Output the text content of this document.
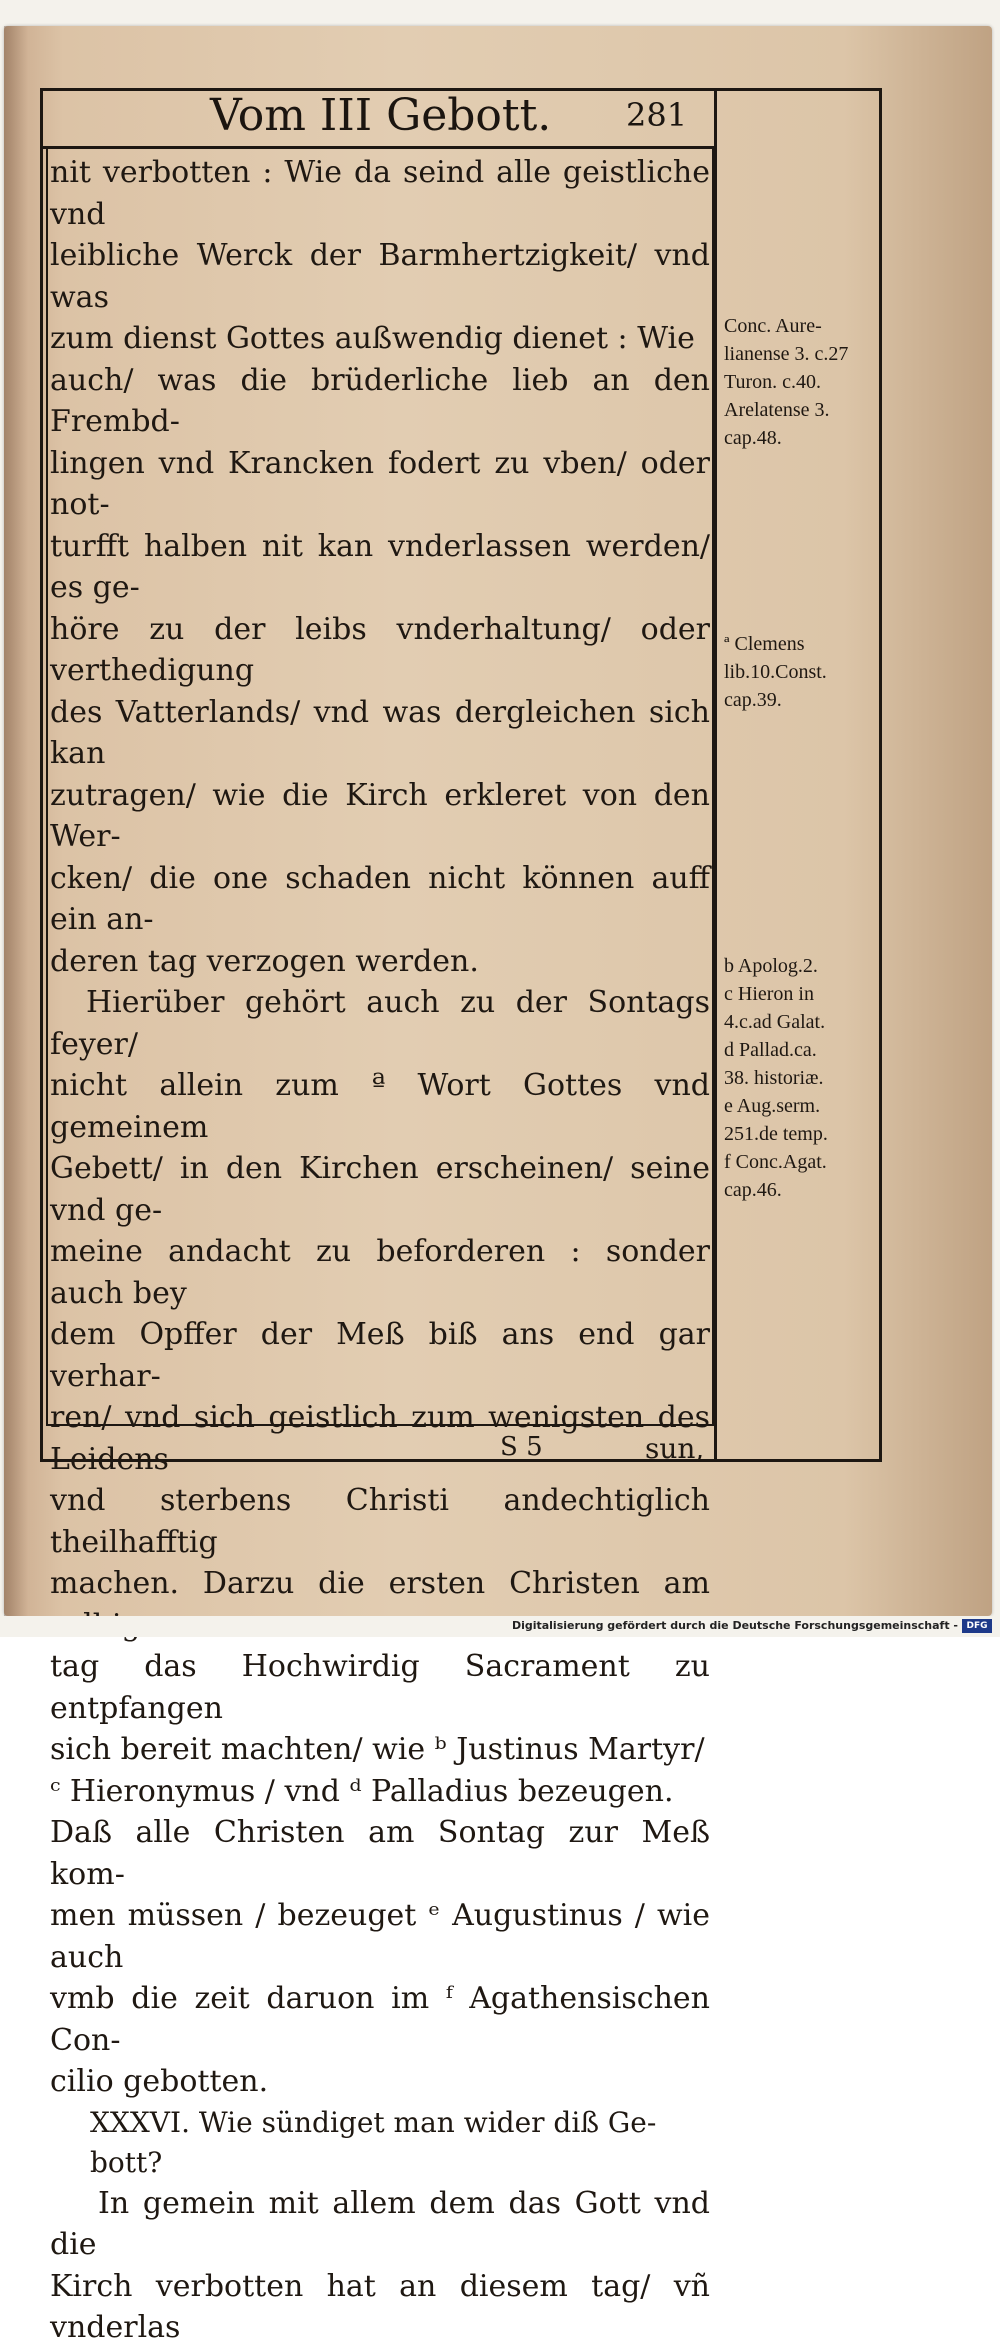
Vom III Gebott. 281

nit verbotten : Wie da seind alle geistliche vnd
leibliche Werck der Barmhertzigkeit/ vnd was
zum dienst Gottes außwendig dienet : Wie
auch/ was die brüderliche lieb an den Frembd-
lingen vnd Krancken fodert zu vben/ oder not-
turfft halben nit kan vnderlassen werden/ es ge-
höre zu der leibs vnderhaltung/ oder verthedigung
des Vatterlands/ vnd was dergleichen sich kan
zutragen/ wie die Kirch erkleret von den Wer-
cken/ die one schaden nicht können auff ein an-
deren tag verzogen werden.

Hierüber gehört auch zu der Sontags feyer/
nicht allein zum ª Wort Gottes vnd gemeinem
Gebett/ in den Kirchen erscheinen/ seine vnd ge-
meine andacht zu beforderen : sonder auch bey
dem Opffer der Meß biß ans end gar verhar-
ren/ vnd sich geistlich zum wenigsten des Leidens
vnd sterbens Christi andechtiglich theilhafftig
machen. Darzu die ersten Christen am
tag das Hochwirdig Sacrament zu entpfangen
sich bereit machten/ wie ᵇ Justinus Martyr/
ᶜ Hieronymus / vnd ᵈ Palladius bezeugen.
Daß alle Christen am Sontag zur Meß kom-
men müssen / bezeuget ᵉ Augustinus / wie auch
vmb die zeit daruon im ᶠ Agathensischen Con-
cilio gebotten.

XXXVI. Wie sündiget man wider diß Ge-
bott?

In gemein mit allem dem das Gott vnd die
Kirch verbotten hat an diesem tag/ vñ vnderlas

S 5	sun,
Conc. Aure-
lianense 3. c.27
Turon. c.40.
Arelatense 3.
cap.48.
ª Clemens
lib.10.Const.
cap.39.
b Apolog.2.
c Hieron in
4.c.ad Galat.
d Pallad.ca.
38. historiæ.
e Aug.serm.
251.de temp.
f Conc.Agat.
cap.46.
Digitalisierung gefördert durch die Deutsche Forschungsgemeinschaft - DFG
